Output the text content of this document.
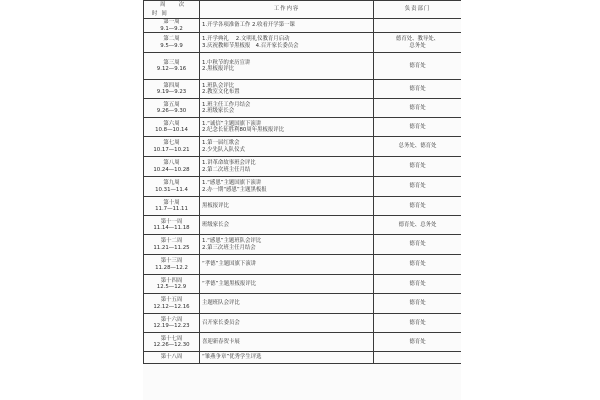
周　次
时间	工作内容	负责部门

第一周
9.1—9.2	1.开学各项准备工作 2.收看开学第一课	

第二周
9.5—9.9	1.开学典礼　 2.文明礼仪教育月启动
3.庆祝教师节黑板报　4.召开家长委员会	德育处、教导处、
总务处

第三周
9.12—9.16	1.中秋节的来历宣讲
2.黑板报评比	德育处

第四周
9.19—9.23	1.班队会评比
2.教室文化布置	德育处

第五周
9.26—9.30	1.班主任工作月结会
2.班级家长会	德育处

第六周
10.8—10.14	1.“诚信”主题国旗下演讲
2.纪念长征胜利80周年黑板报评比	德育处

第七周
10.17—10.21	1.第一届红歌会
2.少先队入队仪式	总务处、德育处

第八周
10.24—10.28	1.讲革命故事班会评比
2.第二次班主任月结	德育处

第九周
10.31—11.4	1.“感恩”主题国旗下演讲
2.办一期“感恩”主题黑板报	德育处

第十周
11.7—11.11	黑板报评比	德育处

第十一周
11.14—11.18	班级家长会	德育处、总务处

第十二周
11.21—11.25	1.“感恩”主题班队会评比
2.第三次班主任月结会	德育处

第十三周
11.28—12.2	“孝德”主题国旗下演讲	德育处

第十四周
12.5—12.9	“孝德”主题黑板报评比	德育处

第十五周
12.12—12.16	主题班队会评比	德育处

第十六周
12.19—12.23	召开家长委员会	德育处

第十七周
12.26—12.30	喜迎新春贺卡展	德育处

第十八周	“雏燕争章”优秀学生评选	
